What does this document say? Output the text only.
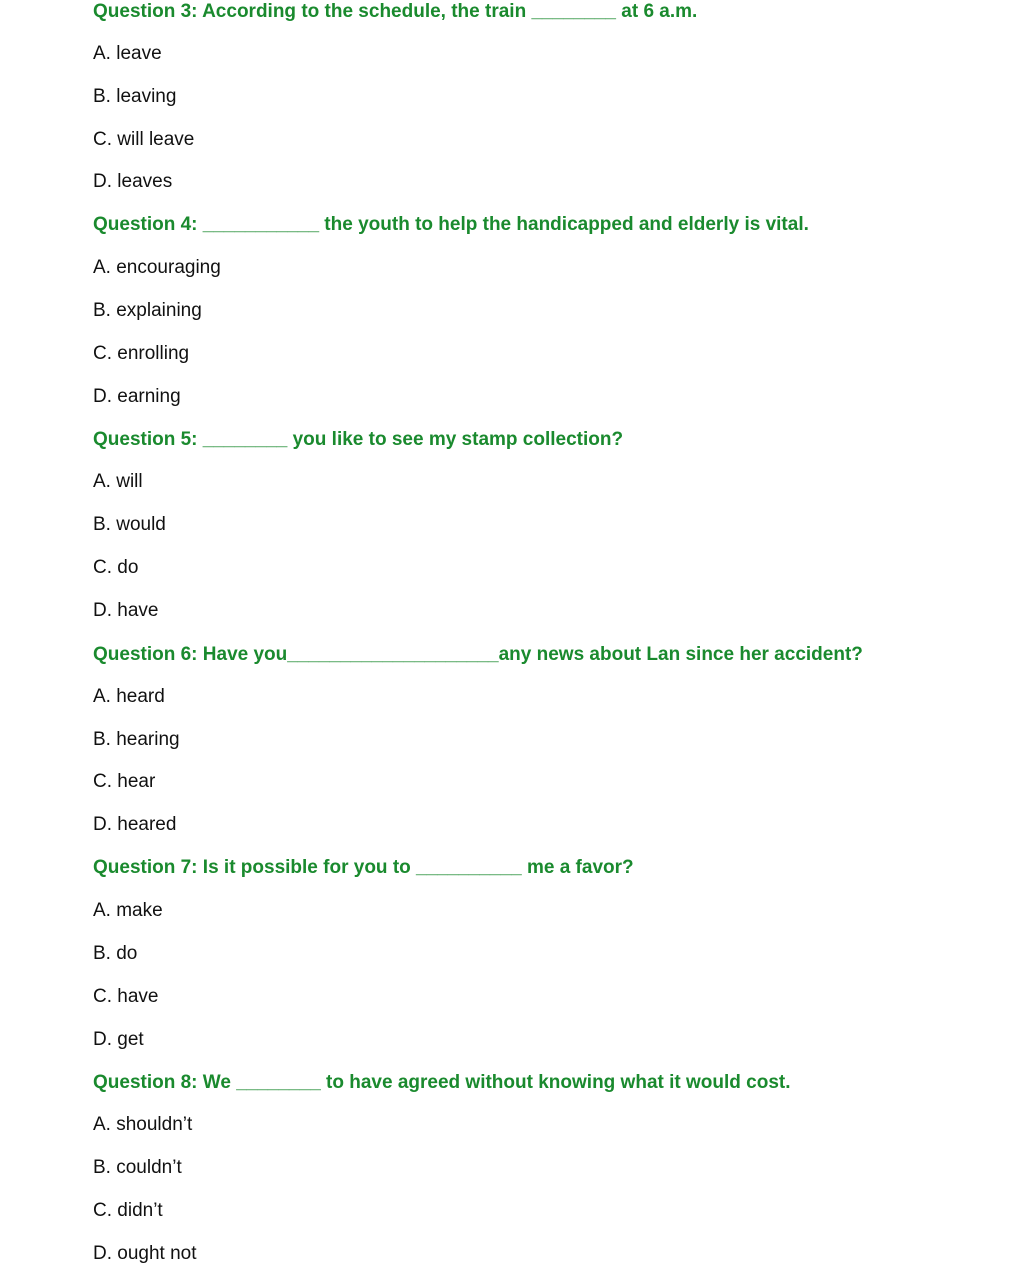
Question 3: According to the schedule, the train ________ at 6 a.m.
A. leave
B. leaving
C. will leave
D. leaves
Question 4: ___________ the youth to help the handicapped and elderly is vital.
A. encouraging
B. explaining
C. enrolling
D. earning
Question 5: ________ you like to see my stamp collection?
A. will
B. would
C. do
D. have
Question 6: Have you____________________any news about Lan since her accident?
A. heard
B. hearing
C. hear
D. heared
Question 7: Is it possible for you to __________ me a favor?
A. make
B. do
C. have
D. get
Question 8: We ________ to have agreed without knowing what it would cost.
A. shouldn’t
B. couldn’t
C. didn’t
D. ought not
